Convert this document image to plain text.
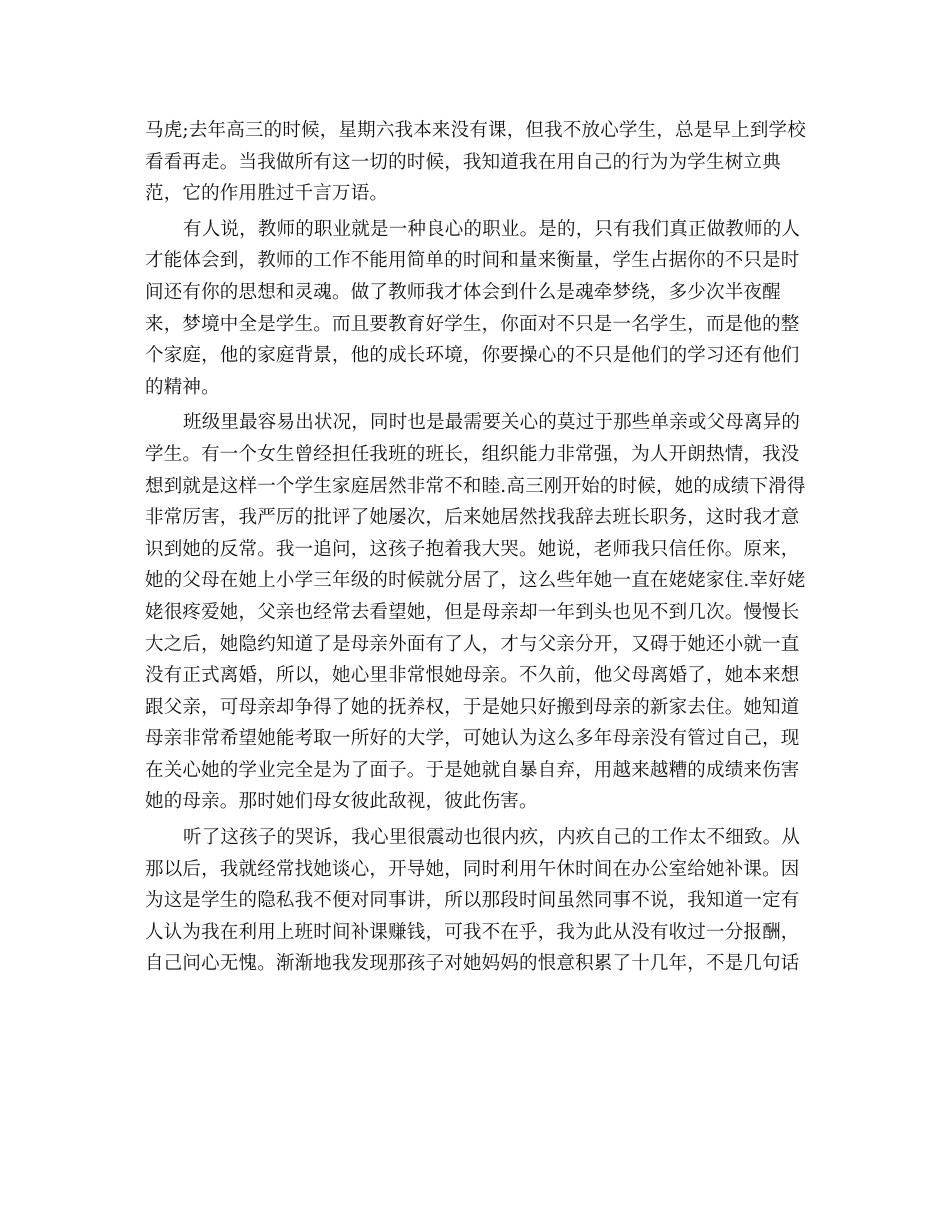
马虎;去年高三的时候，星期六我本来没有课，但我不放心学生，总是早上到学校
看看再走。当我做所有这一切的时候，我知道我在用自己的行为为学生树立典
范，它的作用胜过千言万语。
有人说，教师的职业就是一种良心的职业。是的，只有我们真正做教师的人
才能体会到，教师的工作不能用简单的时间和量来衡量，学生占据你的不只是时
间还有你的思想和灵魂。做了教师我才体会到什么是魂牵梦绕，多少次半夜醒
来，梦境中全是学生。而且要教育好学生，你面对不只是一名学生，而是他的整
个家庭，他的家庭背景，他的成长环境，你要操心的不只是他们的学习还有他们
的精神。
班级里最容易出状况，同时也是最需要关心的莫过于那些单亲或父母离异的
学生。有一个女生曾经担任我班的班长，组织能力非常强，为人开朗热情，我没
想到就是这样一个学生家庭居然非常不和睦.高三刚开始的时候，她的成绩下滑得
非常厉害，我严厉的批评了她屡次，后来她居然找我辞去班长职务，这时我才意
识到她的反常。我一追问，这孩子抱着我大哭。她说，老师我只信任你。原来，
她的父母在她上小学三年级的时候就分居了，这么些年她一直在姥姥家住.幸好姥
姥很疼爱她，父亲也经常去看望她，但是母亲却一年到头也见不到几次。慢慢长
大之后，她隐约知道了是母亲外面有了人，才与父亲分开，又碍于她还小就一直
没有正式离婚，所以，她心里非常恨她母亲。不久前，他父母离婚了，她本来想
跟父亲，可母亲却争得了她的抚养权，于是她只好搬到母亲的新家去住。她知道
母亲非常希望她能考取一所好的大学，可她认为这么多年母亲没有管过自己，现
在关心她的学业完全是为了面子。于是她就自暴自弃，用越来越糟的成绩来伤害
她的母亲。那时她们母女彼此敌视，彼此伤害。
听了这孩子的哭诉，我心里很震动也很内疚，内疚自己的工作太不细致。从
那以后，我就经常找她谈心，开导她，同时利用午休时间在办公室给她补课。因
为这是学生的隐私我不便对同事讲，所以那段时间虽然同事不说，我知道一定有
人认为我在利用上班时间补课赚钱，可我不在乎，我为此从没有收过一分报酬，
自己问心无愧。渐渐地我发现那孩子对她妈妈的恨意积累了十几年，不是几句话
